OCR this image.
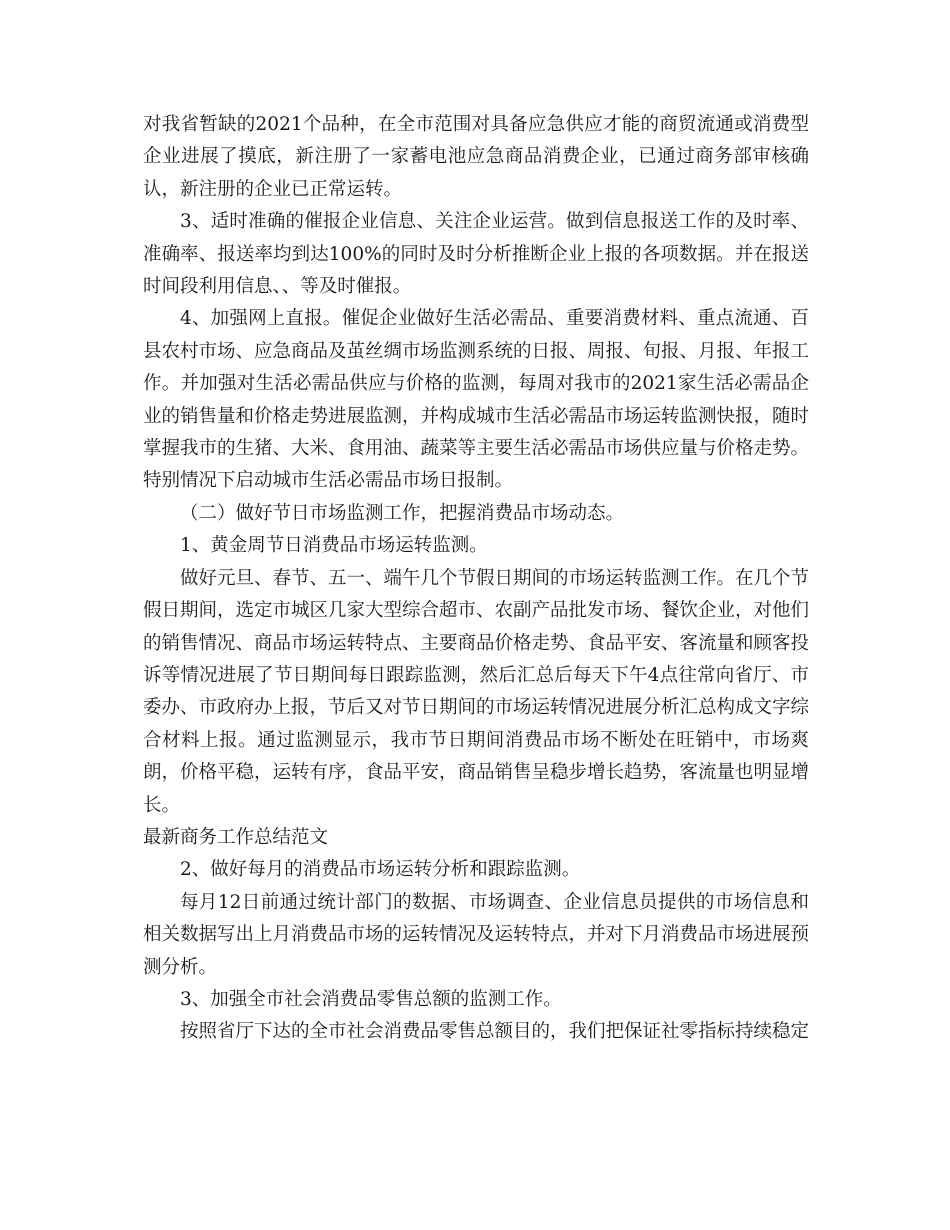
对我省暂缺的2021个品种，在全市范围对具备应急供应才能的商贸流通或消费型企业进展了摸底，新注册了一家蓄电池应急商品消费企业，已通过商务部审核确认，新注册的企业已正常运转。

3、适时准确的催报企业信息、关注企业运营。做到信息报送工作的及时率、准确率、报送率均到达100%的同时及时分析推断企业上报的各项数据。并在报送时间段利用信息、、等及时催报。

4、加强网上直报。催促企业做好生活必需品、重要消费材料、重点流通、百县农村市场、应急商品及茧丝绸市场监测系统的日报、周报、旬报、月报、年报工作。并加强对生活必需品供应与价格的监测，每周对我市的2021家生活必需品企业的销售量和价格走势进展监测，并构成城市生活必需品市场运转监测快报，随时掌握我市的生猪、大米、食用油、蔬菜等主要生活必需品市场供应量与价格走势。特别情况下启动城市生活必需品市场日报制。

（二）做好节日市场监测工作，把握消费品市场动态。

1、黄金周节日消费品市场运转监测。

做好元旦、春节、五一、端午几个节假日期间的市场运转监测工作。在几个节假日期间，选定市城区几家大型综合超市、农副产品批发市场、餐饮企业，对他们的销售情况、商品市场运转特点、主要商品价格走势、食品平安、客流量和顾客投诉等情况进展了节日期间每日跟踪监测，然后汇总后每天下午4点往常向省厅、市委办、市政府办上报，节后又对节日期间的市场运转情况进展分析汇总构成文字综合材料上报。通过监测显示，我市节日期间消费品市场不断处在旺销中，市场爽朗，价格平稳，运转有序，食品平安，商品销售呈稳步增长趋势，客流量也明显增长。

最新商务工作总结范文

2、做好每月的消费品市场运转分析和跟踪监测。

每月12日前通过统计部门的数据、市场调查、企业信息员提供的市场信息和相关数据写出上月消费品市场的运转情况及运转特点，并对下月消费品市场进展预测分析。

3、加强全市社会消费品零售总额的监测工作。

按照省厅下达的全市社会消费品零售总额目的，我们把保证社零指标持续稳定
